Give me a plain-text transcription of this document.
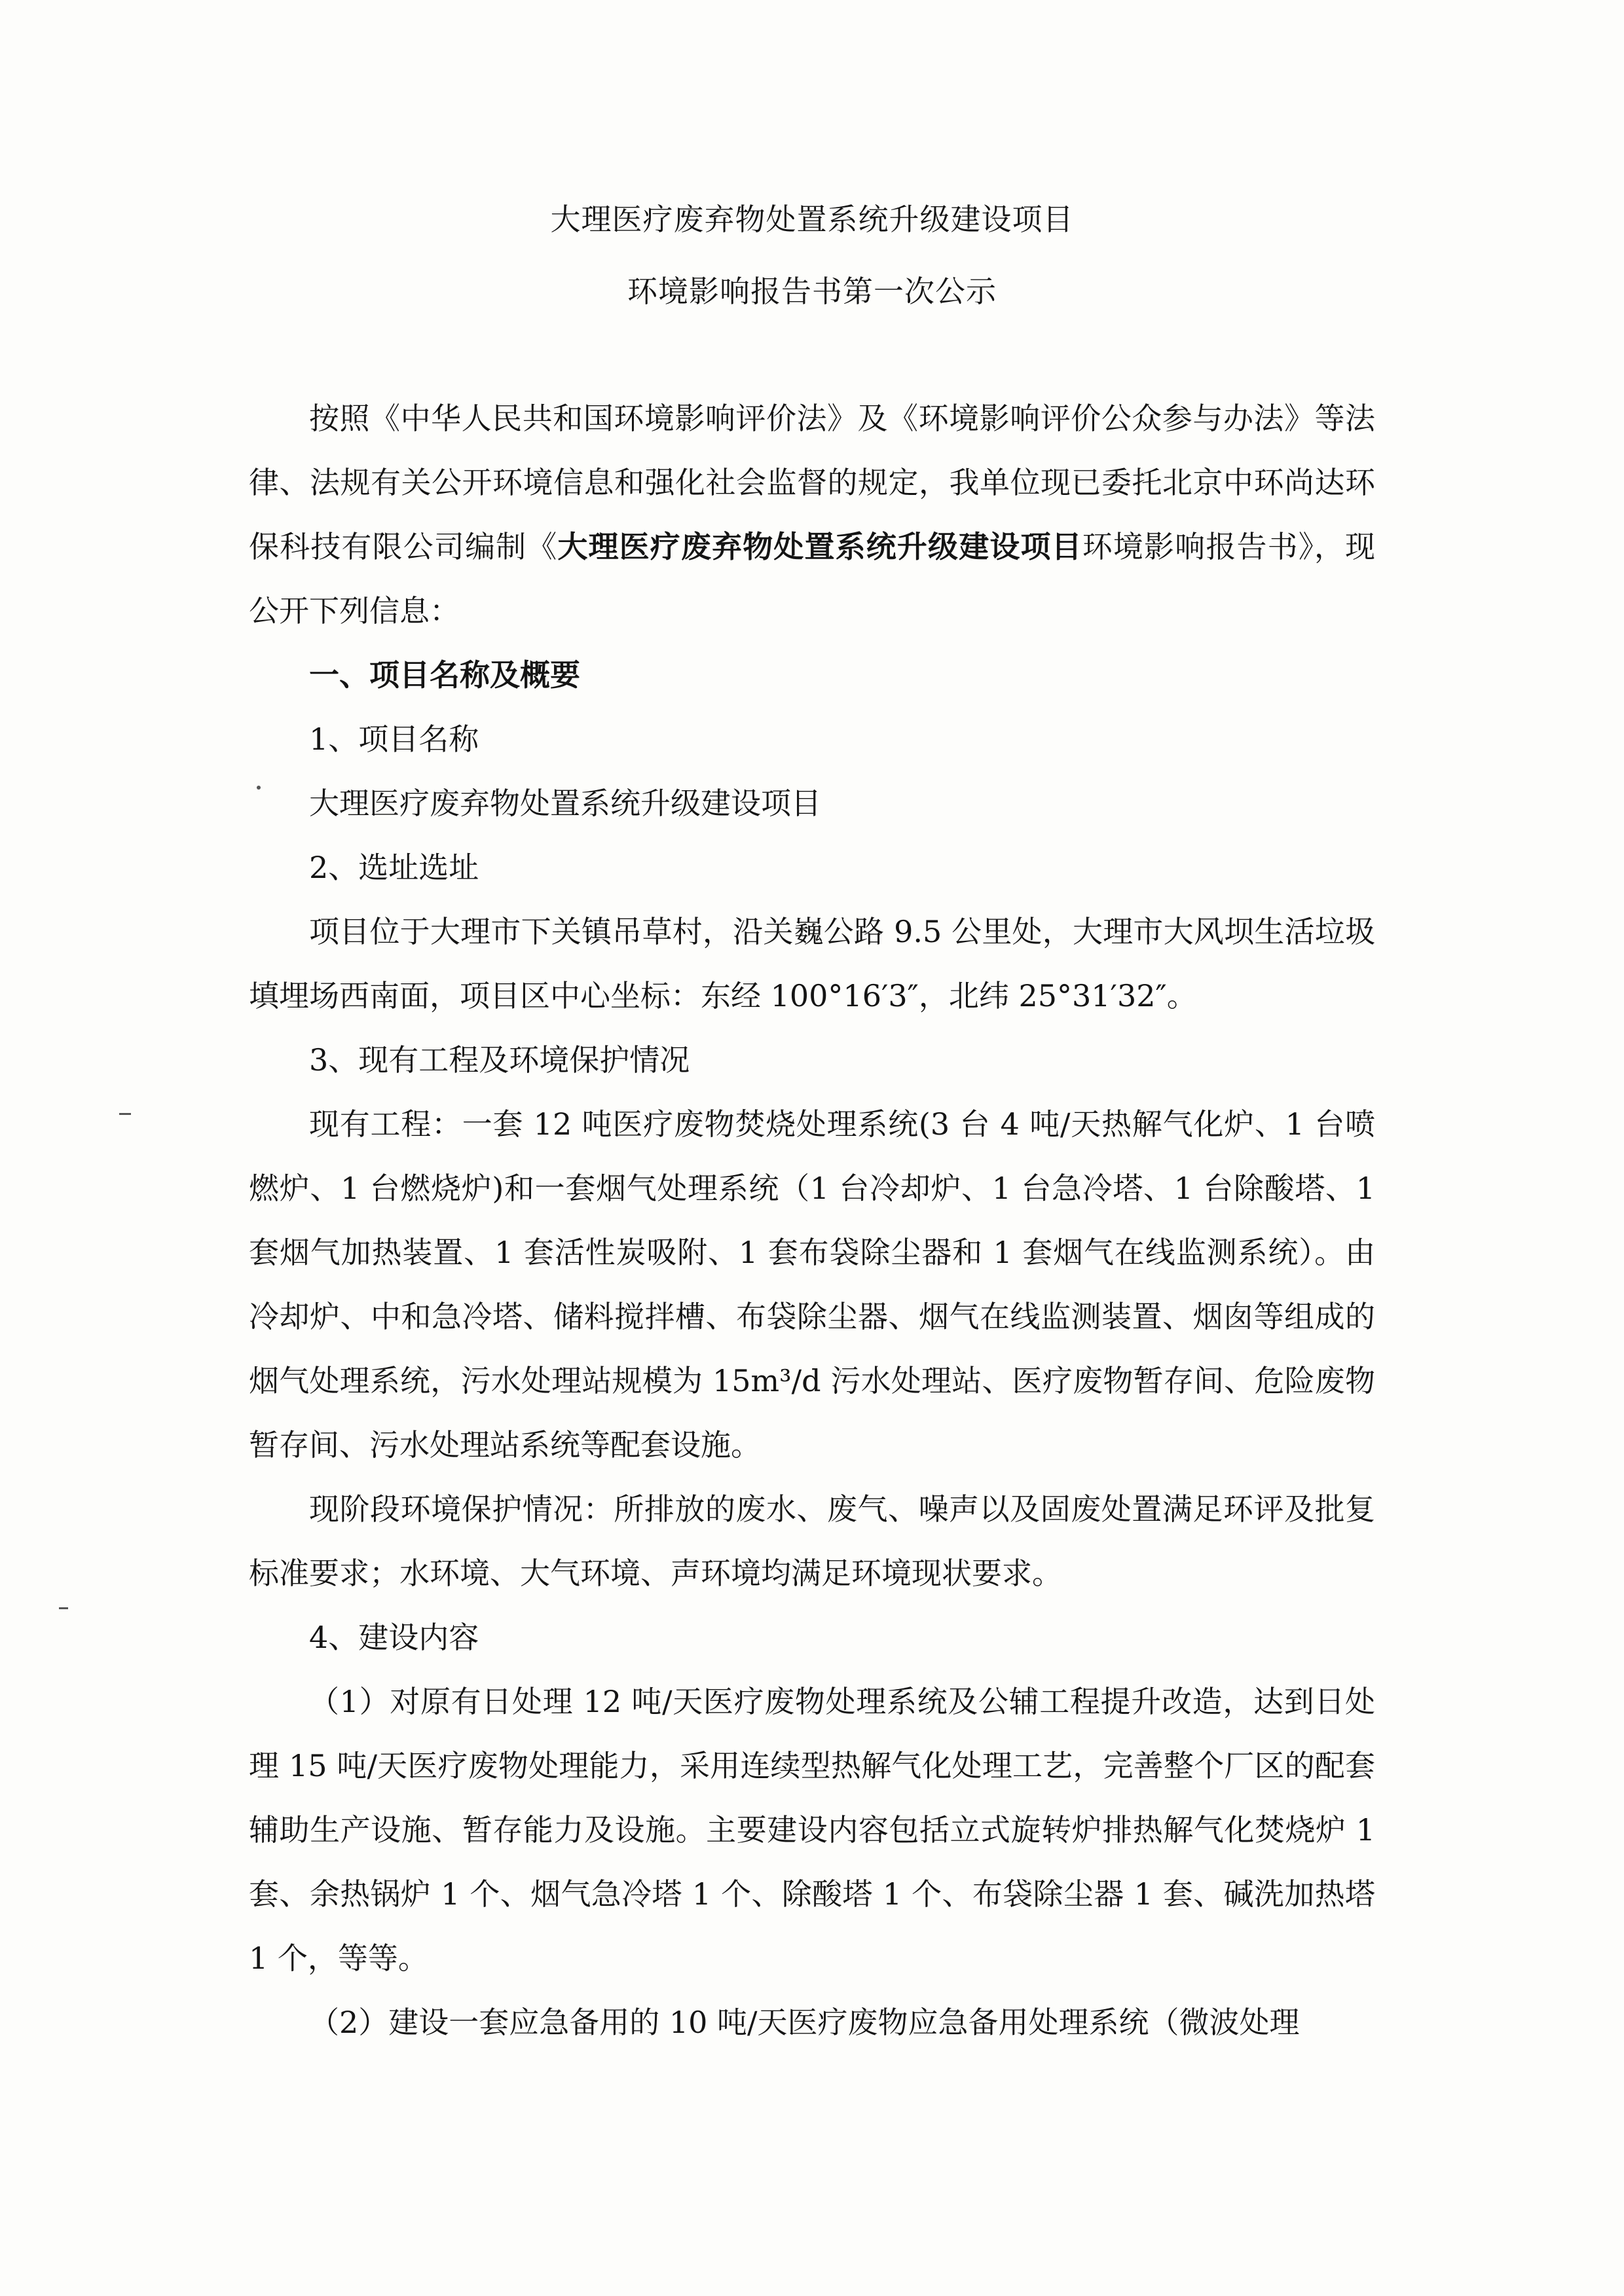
大理医疗废弃物处置系统升级建设项目

环境影响报告书第一次公示

按照《中华人民共和国环境影响评价法》及《环境影响评价公众参与办法》等法律、法规有关公开环境信息和强化社会监督的规定，我单位现已委托北京中环尚达环保科技有限公司编制《大理医疗废弃物处置系统升级建设项目环境影响报告书》，现公开下列信息：

一、项目名称及概要

1、项目名称

大理医疗废弃物处置系统升级建设项目

2、选址选址

项目位于大理市下关镇吊草村，沿关巍公路 9.5 公里处，大理市大风坝生活垃圾填埋场西南面，项目区中心坐标：东经 100°16′3″，北纬 25°31′32″。

3、现有工程及环境保护情况

现有工程：一套 12 吨医疗废物焚烧处理系统(3 台 4 吨/天热解气化炉、1 台喷燃炉、1 台燃烧炉)和一套烟气处理系统（1 台冷却炉、1 台急冷塔、1 台除酸塔、1 套烟气加热装置、1 套活性炭吸附、1 套布袋除尘器和 1 套烟气在线监测系统）。由冷却炉、中和急冷塔、储料搅拌槽、布袋除尘器、烟气在线监测装置、烟囱等组成的烟气处理系统，污水处理站规模为 15m³/d 污水处理站、医疗废物暂存间、危险废物暂存间、污水处理站系统等配套设施。

现阶段环境保护情况：所排放的废水、废气、噪声以及固废处置满足环评及批复标准要求；水环境、大气环境、声环境均满足环境现状要求。

4、建设内容

（1）对原有日处理 12 吨/天医疗废物处理系统及公辅工程提升改造，达到日处理 15 吨/天医疗废物处理能力，采用连续型热解气化处理工艺，完善整个厂区的配套辅助生产设施、暂存能力及设施。主要建设内容包括立式旋转炉排热解气化焚烧炉 1 套、余热锅炉 1 个、烟气急冷塔 1 个、除酸塔 1 个、布袋除尘器 1 套、碱洗加热塔 1 个，等等。

（2）建设一套应急备用的 10 吨/天医疗废物应急备用处理系统（微波处理
